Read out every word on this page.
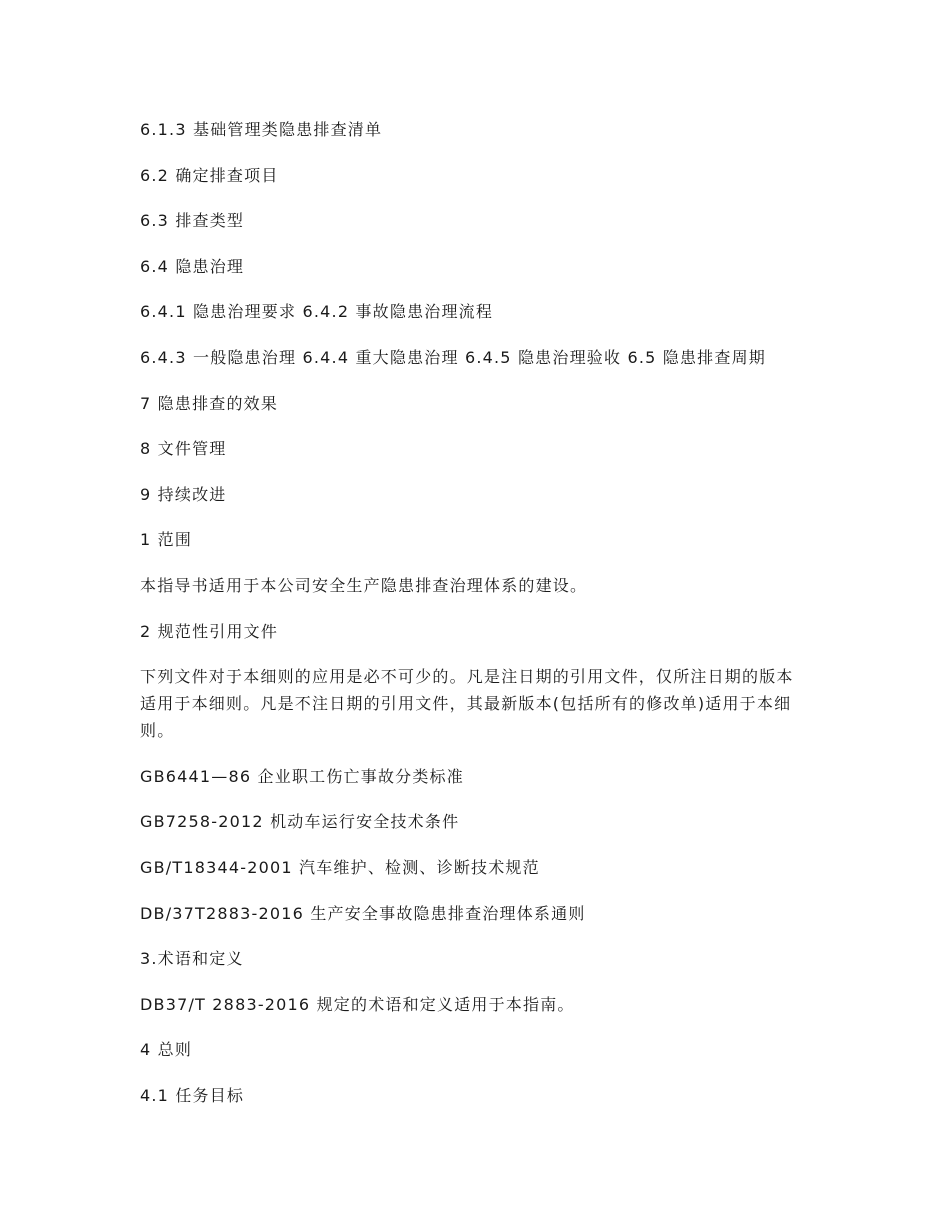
6.1.3 基础管理类隐患排查清单

6.2 确定排查项目

6.3 排查类型

6.4 隐患治理

6.4.1 隐患治理要求 6.4.2 事故隐患治理流程

6.4.3 一般隐患治理 6.4.4 重大隐患治理 6.4.5 隐患治理验收 6.5 隐患排查周期

7 隐患排查的效果

8 文件管理

9 持续改进

1 范围

本指导书适用于本公司安全生产隐患排查治理体系的建设。

2 规范性引用文件

下列文件对于本细则的应用是必不可少的。凡是注日期的引用文件，仅所注日期的版本适用于本细则。凡是不注日期的引用文件，其最新版本(包括所有的修改单)适用于本细则。

GB6441—86 企业职工伤亡事故分类标准

GB7258-2012 机动车运行安全技术条件

GB/T18344-2001 汽车维护、检测、诊断技术规范

DB/37T2883-2016 生产安全事故隐患排查治理体系通则

3.术语和定义

DB37/T 2883-2016 规定的术语和定义适用于本指南。

4 总则

4.1 任务目标
